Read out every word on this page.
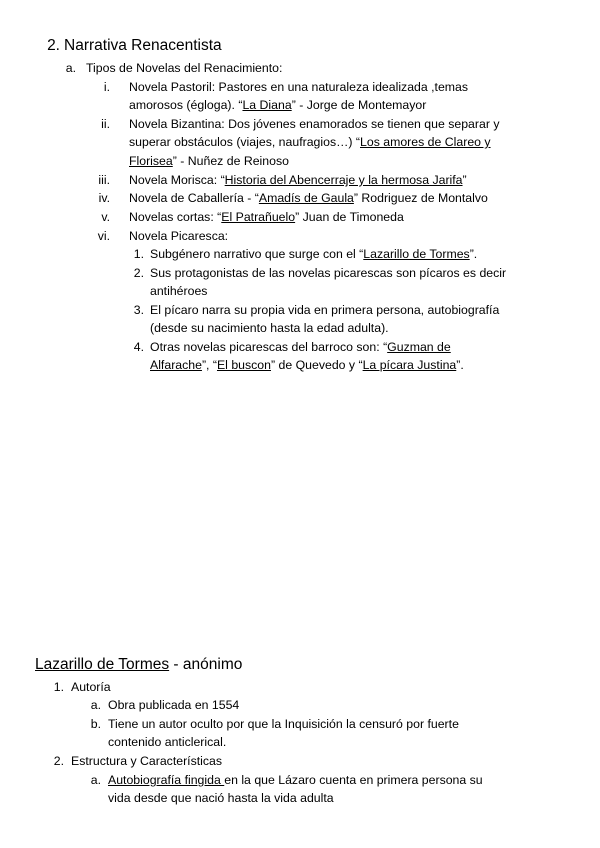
2. Narrativa Renacentista
a. Tipos de Novelas del Renacimiento:
i. Novela Pastoril: Pastores en una naturaleza idealizada ,temas
amorosos (égloga). “La Diana” - Jorge de Montemayor
ii. Novela Bizantina: Dos jóvenes enamorados se tienen que separar y
superar obstáculos (viajes, naufragios…) “Los amores de Clareo y
Florisea” - Nuñez de Reinoso
iii. Novela Morisca: “Historia del Abencerraje y la hermosa Jarifa”
iv. Novela de Caballería - “Amadís de Gaula” Rodriguez de Montalvo
v. Novelas cortas: “El Patrañuelo” Juan de Timoneda
vi. Novela Picaresca:
1. Subgénero narrativo que surge con el “Lazarillo de Tormes”.
2. Sus protagonistas de las novelas picarescas son pícaros es decir
antihéroes
3. El pícaro narra su propia vida en primera persona, autobiografía
(desde su nacimiento hasta la edad adulta).
4. Otras novelas picarescas del barroco son: “Guzman de
Alfarache”, “El buscon” de Quevedo y “La pícara Justina”.
Lazarillo de Tormes - anónimo
1. Autoría
a. Obra publicada en 1554
b. Tiene un autor oculto por que la Inquisición la censuró por fuerte
contenido anticlerical.
2. Estructura y Características
a. Autobiografía fingida en la que Lázaro cuenta en primera persona su
vida desde que nació hasta la vida adulta
